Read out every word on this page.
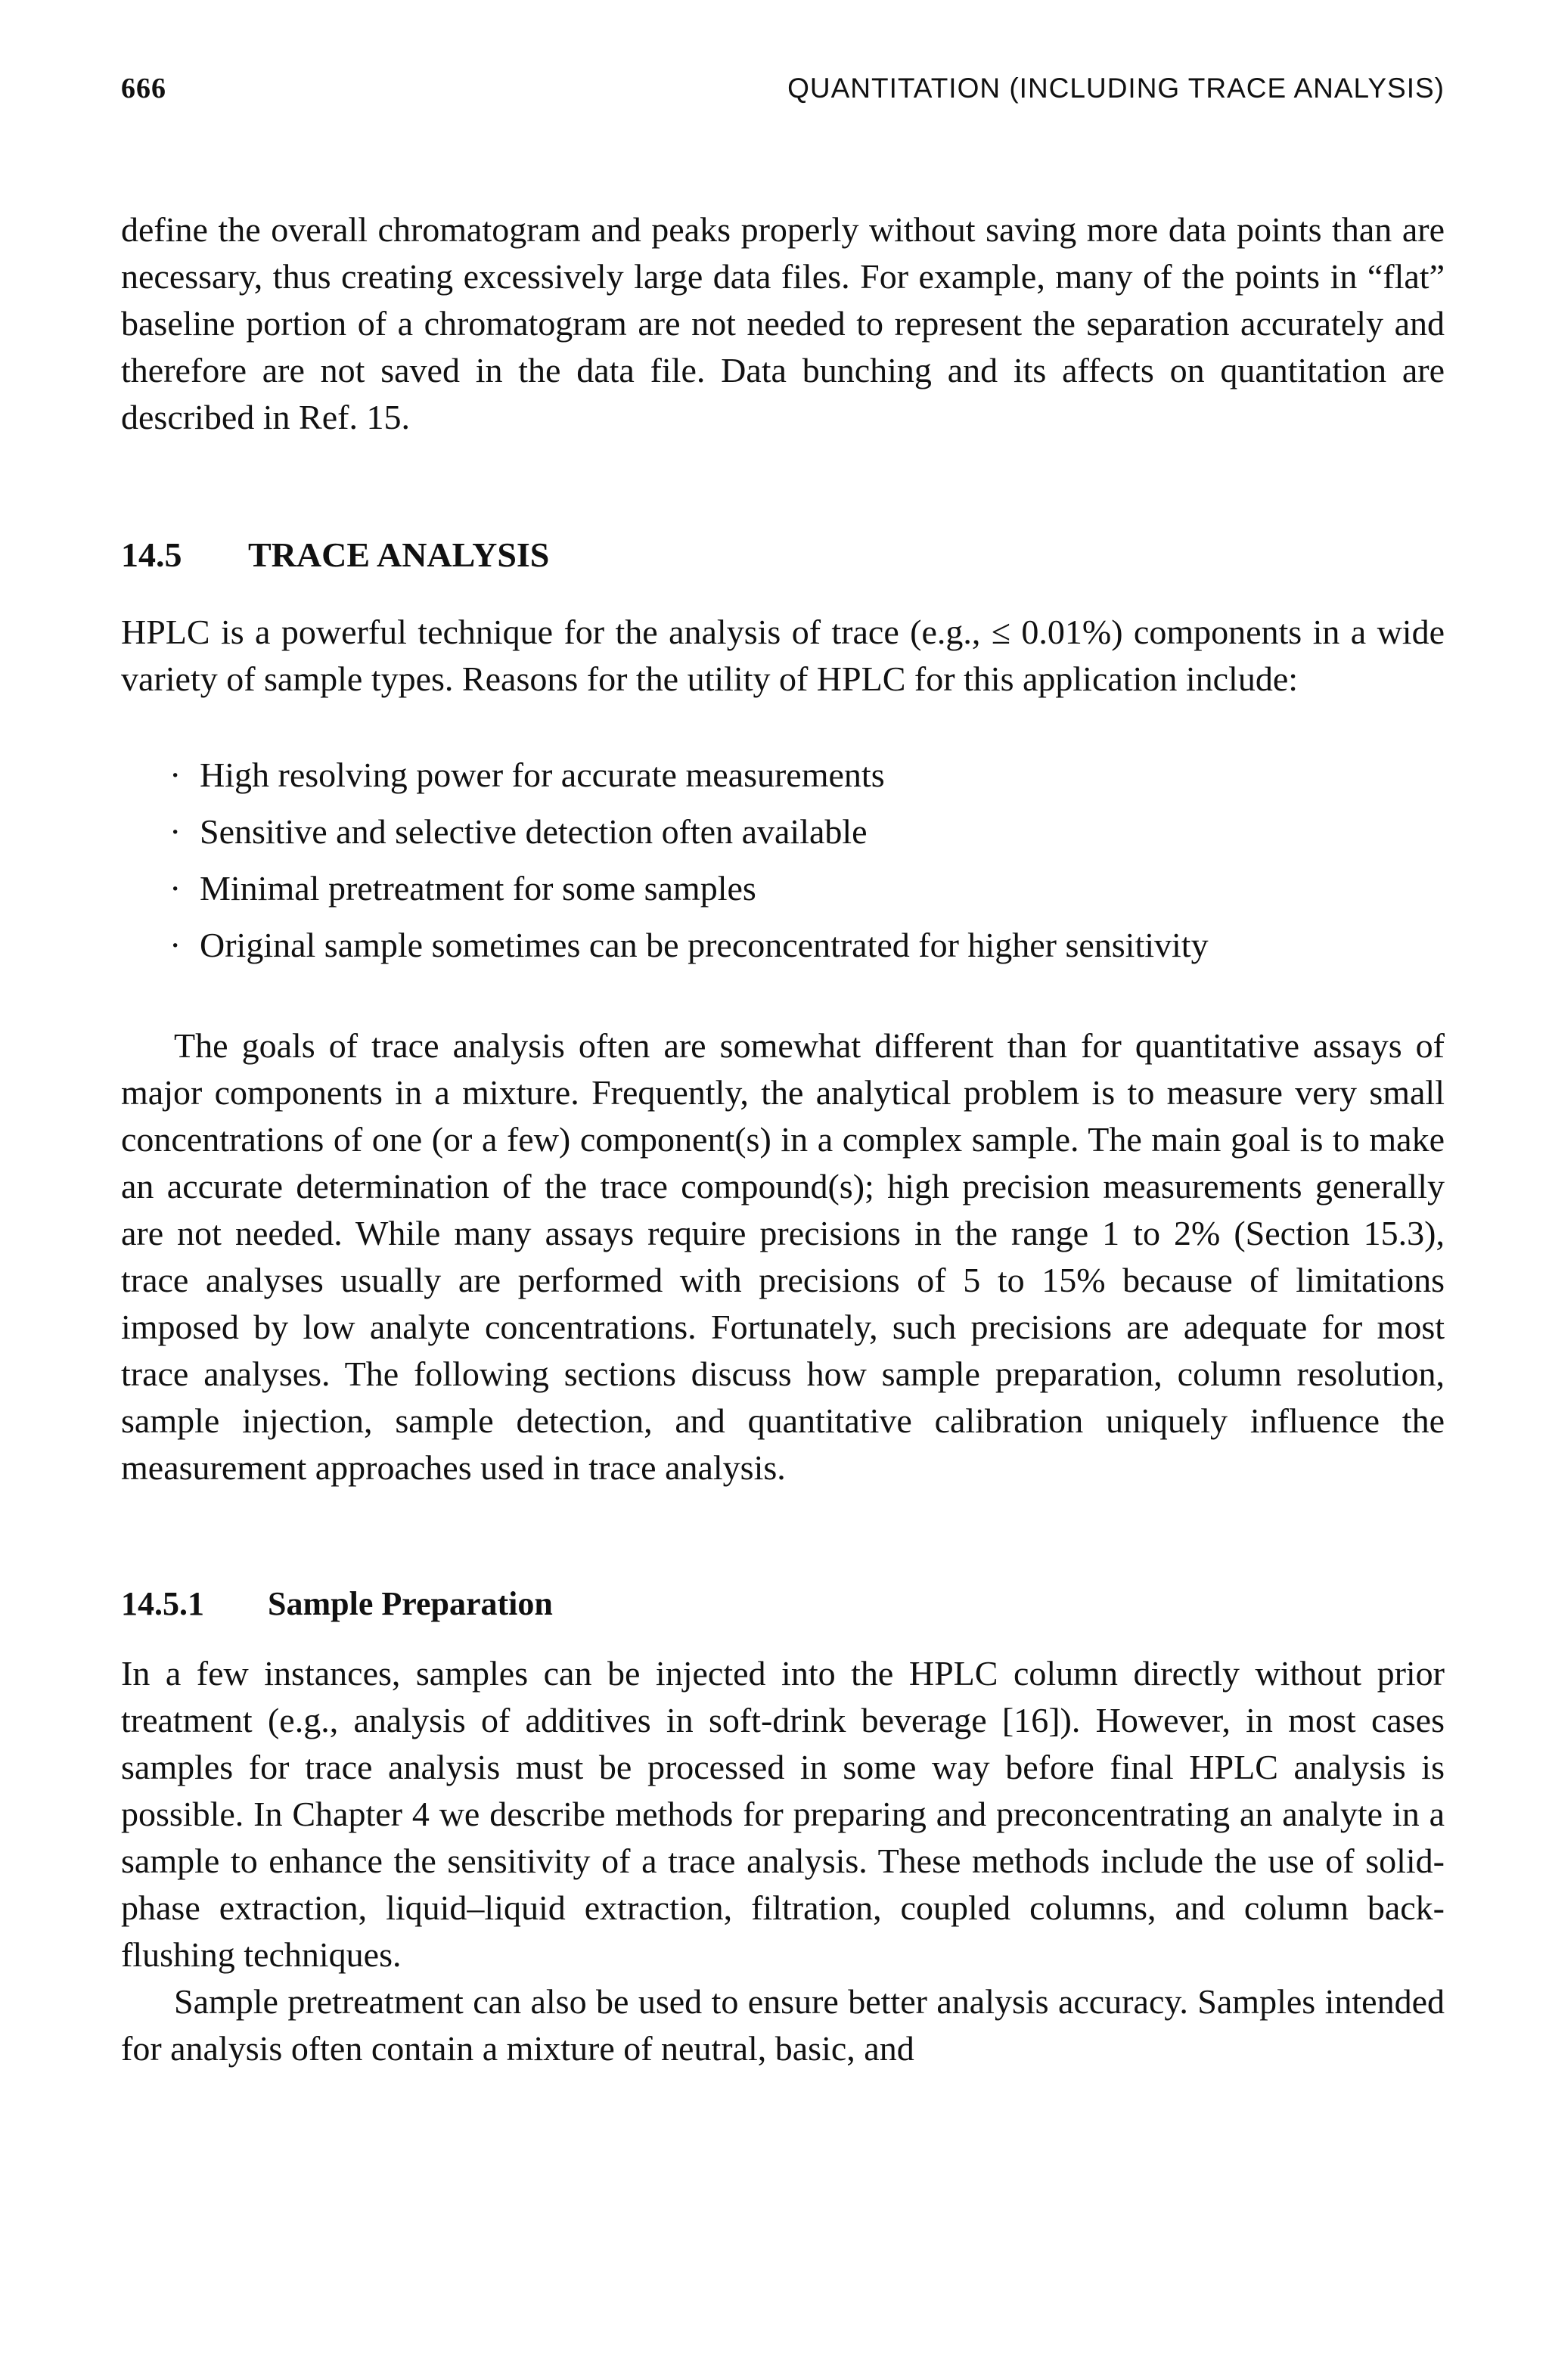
666	QUANTITATION (INCLUDING TRACE ANALYSIS)

define the overall chromatogram and peaks properly without saving more data points than are necessary, thus creating excessively large data files. For example, many of the points in “flat” baseline portion of a chromatogram are not needed to represent the separation accurately and therefore are not saved in the data file. Data bunching and its affects on quantitation are described in Ref. 15.

14.5 TRACE ANALYSIS

HPLC is a powerful technique for the analysis of trace (e.g., ≤ 0.01%) components in a wide variety of sample types. Reasons for the utility of HPLC for this application include:

· High resolving power for accurate measurements
· Sensitive and selective detection often available
· Minimal pretreatment for some samples
· Original sample sometimes can be preconcentrated for higher sensitivity

The goals of trace analysis often are somewhat different than for quantitative assays of major components in a mixture. Frequently, the analytical problem is to measure very small concentrations of one (or a few) component(s) in a complex sample. The main goal is to make an accurate determination of the trace compound(s); high precision measurements generally are not needed. While many assays require precisions in the range 1 to 2% (Section 15.3), trace analyses usually are performed with precisions of 5 to 15% because of limitations imposed by low analyte concentrations. Fortunately, such precisions are adequate for most trace analyses. The following sections discuss how sample preparation, column resolution, sample injection, sample detection, and quantitative calibration uniquely influence the measurement approaches used in trace analysis.

14.5.1 Sample Preparation

In a few instances, samples can be injected into the HPLC column directly without prior treatment (e.g., analysis of additives in soft-drink beverage [16]). However, in most cases samples for trace analysis must be processed in some way before final HPLC analysis is possible. In Chapter 4 we describe methods for preparing and preconcentrating an analyte in a sample to enhance the sensitivity of a trace analysis. These methods include the use of solid-phase extraction, liquid–liquid extraction, filtration, coupled columns, and column back-flushing techniques.

Sample pretreatment can also be used to ensure better analysis accuracy. Samples intended for analysis often contain a mixture of neutral, basic, and
